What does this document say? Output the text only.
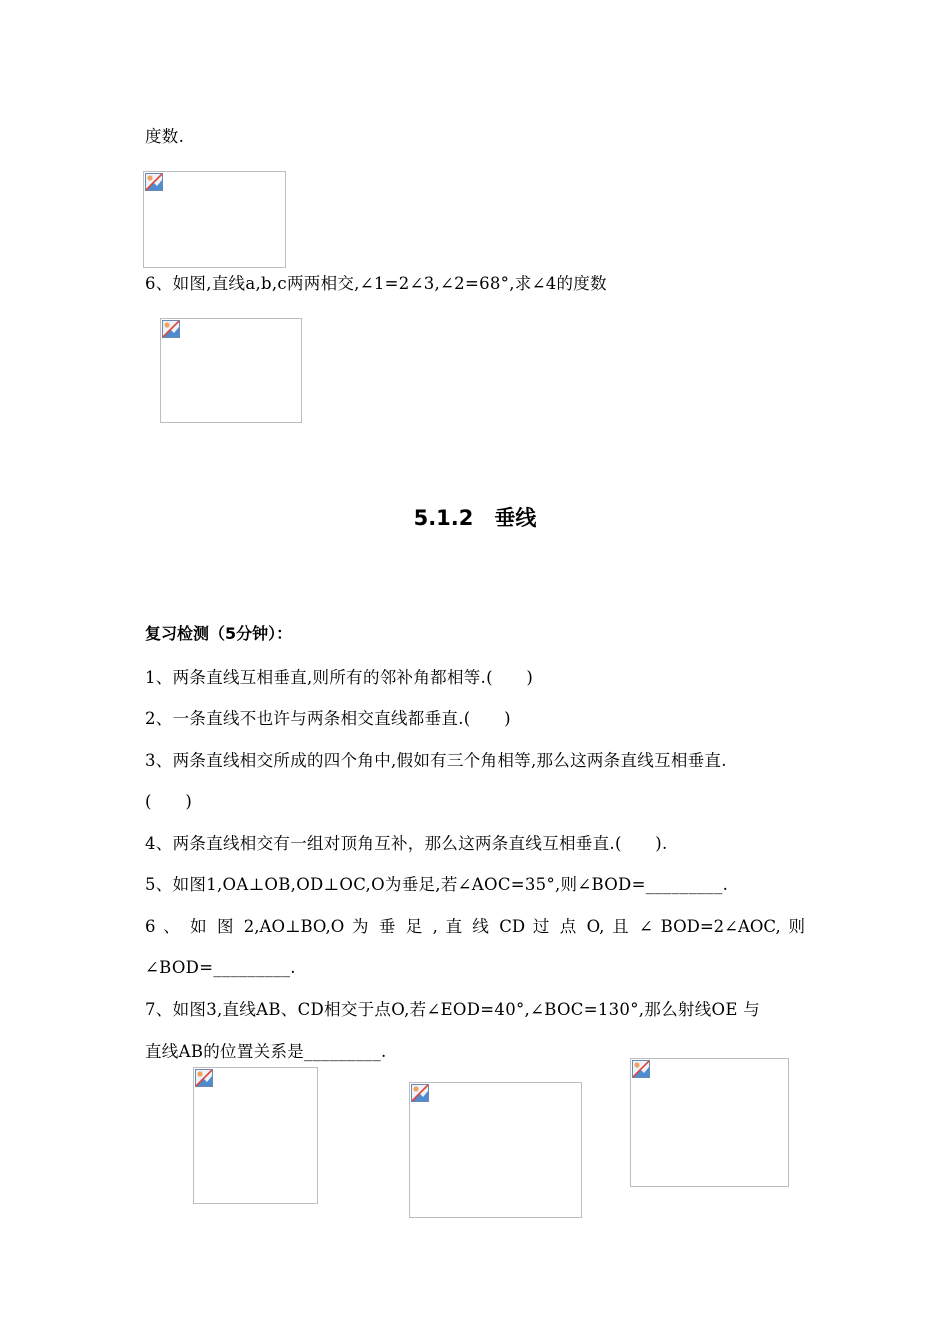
度数.
6、如图,直线a,b,c两两相交,∠1=2∠3,∠2=68°,求∠4的度数
5.1.2　垂线
复习检测（5分钟）：
1、两条直线互相垂直,则所有的邻补角都相等.(　　)
2、一条直线不也许与两条相交直线都垂直.(　　)
3、两条直线相交所成的四个角中,假如有三个角相等,那么这两条直线互相垂直.
(　　)
4、两条直线相交有一组对顶角互补，那么这两条直线互相垂直.(　　).
5、如图1,OA⊥OB,OD⊥OC,O为垂足,若∠AOC=35°,则∠BOD=_________.
6 、 如 图 2,AO⊥BO,O 为 垂 足 , 直 线 CD 过 点 O, 且 ∠ BOD=2∠AOC, 则
∠BOD=_________.
7、如图3,直线AB、CD相交于点O,若∠EOD=40°,∠BOC=130°,那么射线OE 与
直线AB的位置关系是_________.
